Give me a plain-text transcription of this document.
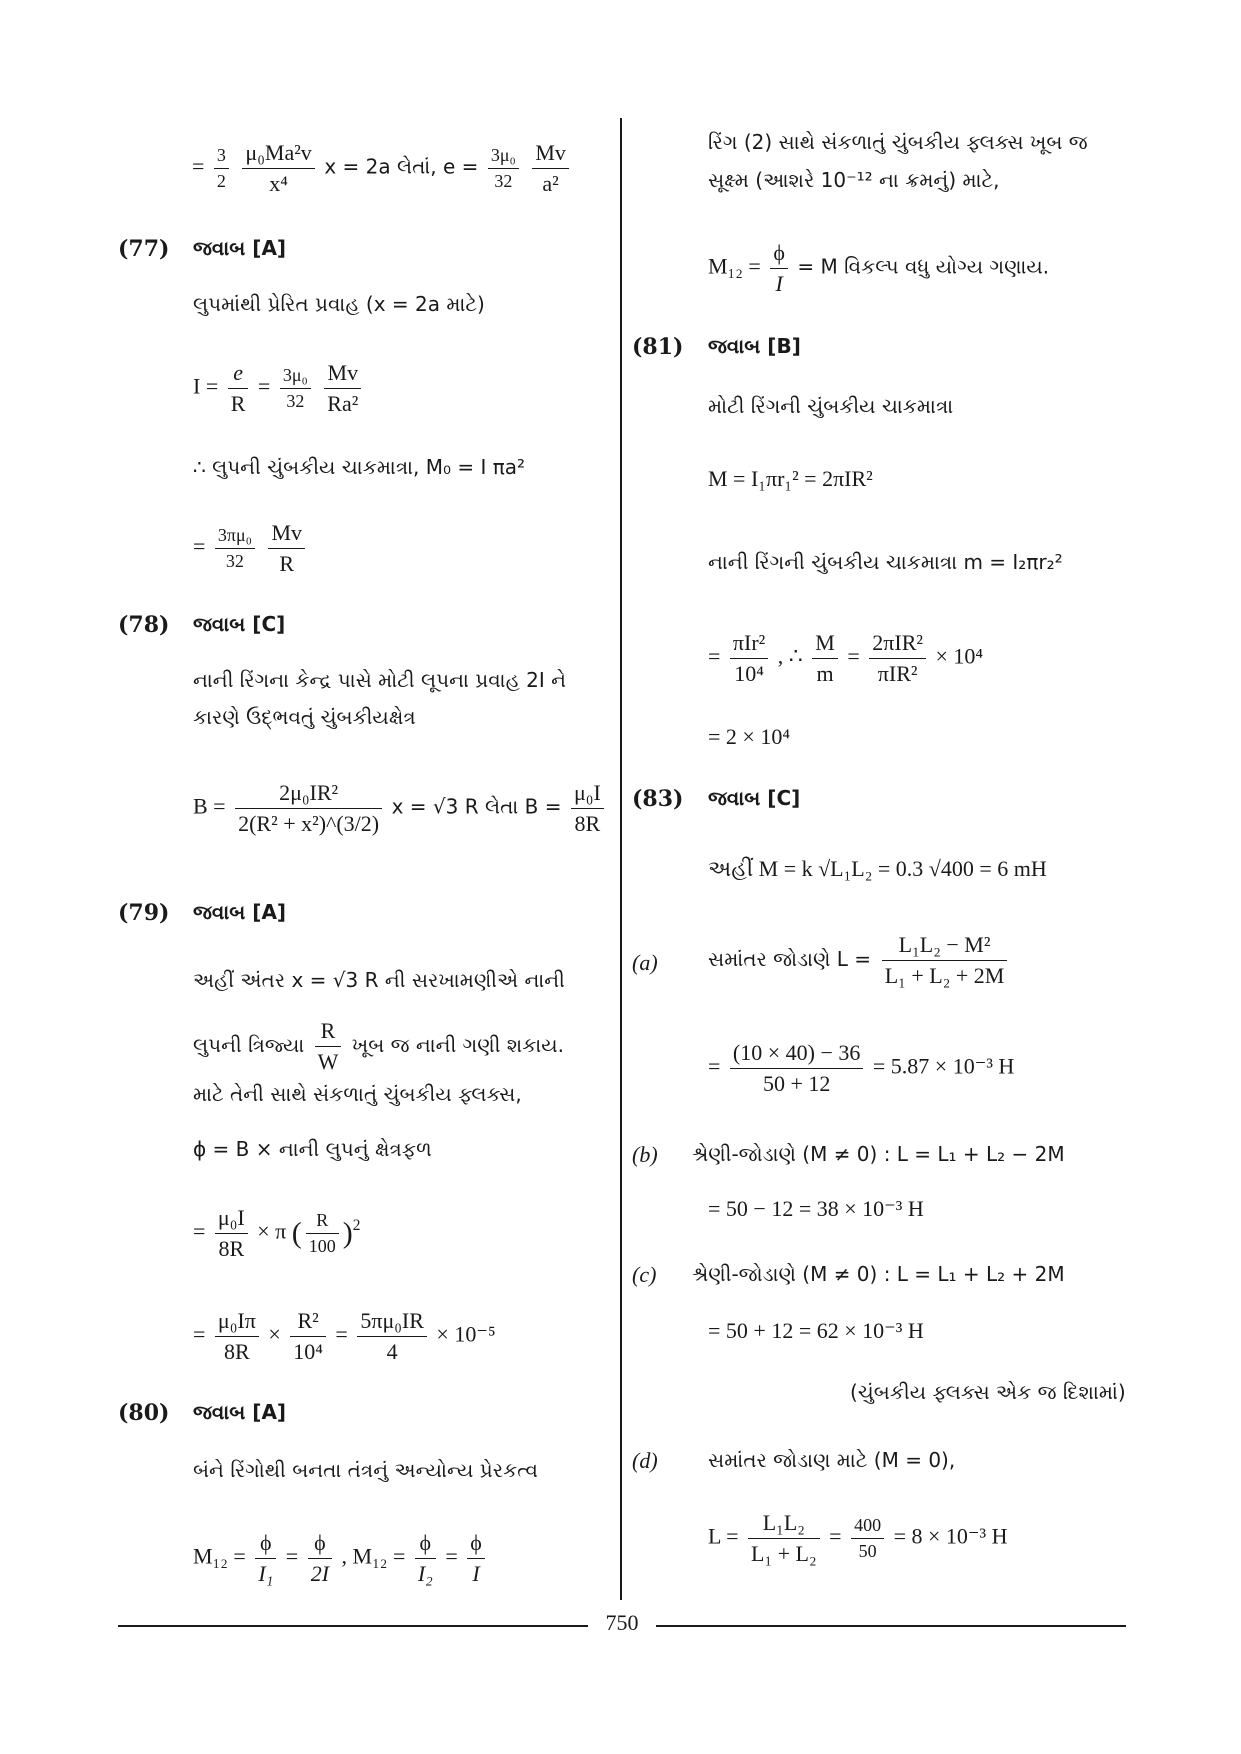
= $\frac{3}{2}$
$\frac{\text{μ₀Ma²v}}{\text{x⁴}}$ x = 2a લેતાં, $e = \frac{\text{3μ₀}}{32}$
$\frac{Mv}{\text{a²}}$
(77) જવાબ [A]
લુપમાંથી પ્રેરિત પ્રવાહ (x = 2a માટે)
$I = \frac{e}{R} = \frac{\text{3μ₀}}{32}$
$\frac{Mv}{\text{Ra²}}$
∴ લુપની ચુંબકીય ચાકમાત્રા, M₀ = I πa²
= $\frac{\text{3πμ₀}}{32}$
$\frac{Mv}{R}$
(78) જવાબ [C]
નાની રિંગના કેન્દ્ર પાસે મોટી લૂપના પ્રવાહ 2I ને
કારણે ઉદ્ભવતું ચુંબકીયક્ષેત્ર
$B = \frac{\text{2μ₀IR²}}{\text{2(R² + x²)\textasciicircum{}(3/2)}}$ x = √3 R લેતા $B = \frac{\text{μ₀I}}{8R}$
(79) જવાબ [A]
અહીં અંતર x = √3 R ની સરખામણીએ નાની
લુપની ત્રિજ્યા $\frac{R}{W}$ ખૂબ જ નાની ગણી શકાય.
માટે તેની સાથે સંકળાતું ચુંબકીય ફ્લક્સ,
ϕ = B × નાની લુપનું ક્ષેત્રફળ
= $\frac{\text{μ₀I}}{8R} \times \pi$ ( $\frac{R}{100} )^2$
= $\frac{\text{μ₀Iπ}}{8R} \times \frac{\text{R²}}{\text{10⁴}} = \frac{\text{5πμ₀IR}}{4} \times 10^{-5}$
(80) જવાબ [A]
બંને રિંગોથી બનતા તંત્રનું અન્યોન્ય પ્રેરકત્વ
$M_{12} = \frac{\phi}{\text{I₁}} = \frac{\phi}{2I}$ , $M_{12} = \frac{\phi}{\text{I₂}} = \frac{\phi}{I}$
રિંગ (2) સાથે સંકળાતું ચુંબકીય ફ્લક્સ ખૂબ જ
સૂક્ષ્મ (આશરે 10⁻¹² ના ક્રમનું) માટે,
$M_{12} = \frac{\phi}{I} = M$ વિકલ્પ વધુ યોગ્ય ગણાય.
(81) જવાબ [B]
મોટી રિંગની ચુંબકીય ચાકમાત્રા
M = I₁πr₁² = 2πIR²
નાની રિંગની ચુંબકીય ચાકમાત્રા m = I₂πr₂²
= $\frac{\text{πIr²}}{\text{10⁴}}$ , ∴ $\frac{M}{m} = \frac{\text{2πIR²}}{\text{πIR²}} \times 10^4$
= 2 × 10⁴
(83) જવાબ [C]
અહીં M = k √L₁L₂ = 0.3 √400 = 6 mH
(a)	સમાંતર જોડાણે $L = \frac{\text{L₁L₂ − M²}}{\text{L₁ + L₂ + 2M}}$
= $\frac{(10 \times 40) - 36}{50 + 12} = 5.87 \times 10^{-3}$ H
(b) શ્રેણી-જોડાણે (M ≠ 0) : L = L₁ + L₂ − 2M
= 50 − 12 = 38 × 10⁻³ H
(c) શ્રેણી-જોડાણે (M ≠ 0) : L = L₁ + L₂ + 2M
= 50 + 12 = 62 × 10⁻³ H
(ચુંબકીય ફ્લક્સ એક જ દિશામાં)
(d)	સમાંતર જોડાણ માટે (M = 0),
$L = \frac{\text{L₁L₂}}{\text{L₁ + L₂}} = \frac{400}{50} = 8 \times 10^{-3}$ H
750
